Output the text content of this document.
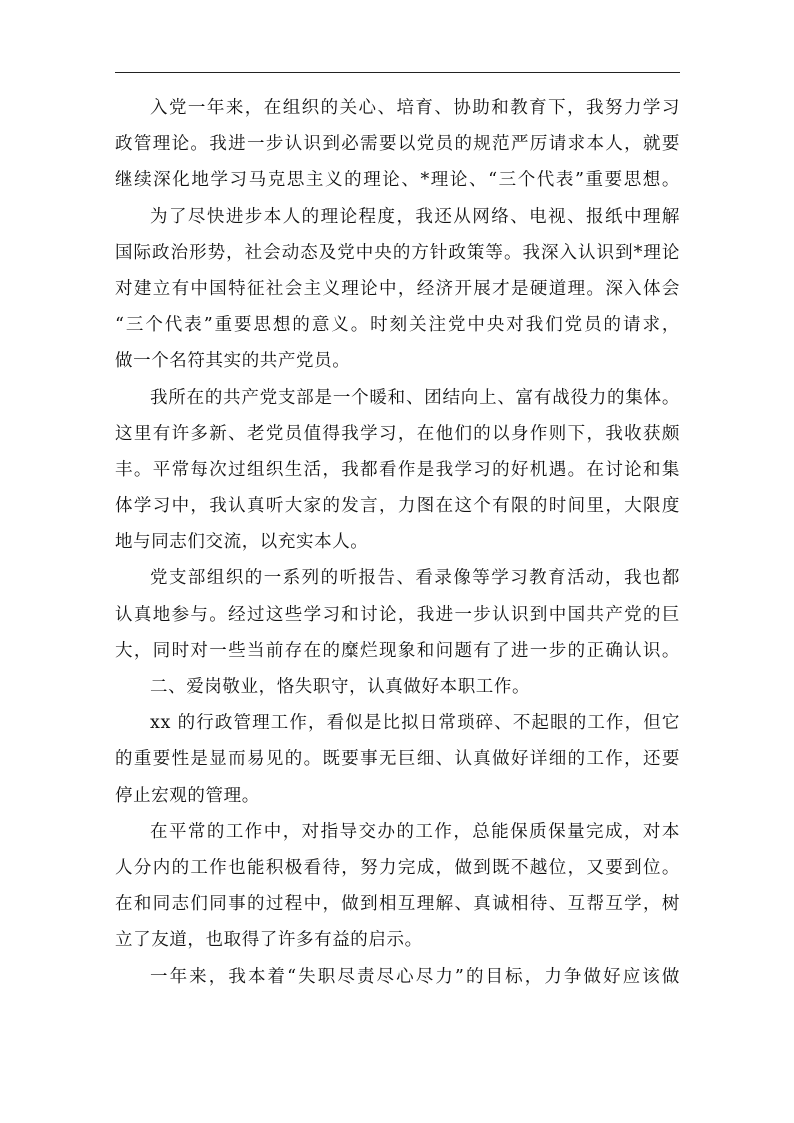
入党一年来，在组织的关心、培育、协助和教育下，我努力学习
政管理论。我进一步认识到必需要以党员的规范严厉请求本人，就要
继续深化地学习马克思主义的理论、*理论、“三个代表”重要思想。

为了尽快进步本人的理论程度，我还从网络、电视、报纸中理解
国际政治形势，社会动态及党中央的方针政策等。我深入认识到*理论
对建立有中国特征社会主义理论中，经济开展才是硬道理。深入体会
“三个代表”重要思想的意义。时刻关注党中央对我们党员的请求，
做一个名符其实的共产党员。

我所在的共产党支部是一个暖和、团结向上、富有战役力的集体。
这里有许多新、老党员值得我学习，在他们的以身作则下，我收获颇
丰。平常每次过组织生活，我都看作是我学习的好机遇。在讨论和集
体学习中，我认真听大家的发言，力图在这个有限的时间里，大限度
地与同志们交流，以充实本人。

党支部组织的一系列的听报告、看录像等学习教育活动，我也都
认真地参与。经过这些学习和讨论，我进一步认识到中国共产党的巨
大，同时对一些当前存在的糜烂现象和问题有了进一步的正确认识。

二、爱岗敬业，恪失职守，认真做好本职工作。

xx 的行政管理工作，看似是比拟日常琐碎、不起眼的工作，但它
的重要性是显而易见的。既要事无巨细、认真做好详细的工作，还要
停止宏观的管理。

在平常的工作中，对指导交办的工作，总能保质保量完成，对本
人分内的工作也能积极看待，努力完成，做到既不越位，又要到位。
在和同志们同事的过程中，做到相互理解、真诚相待、互帮互学，树
立了友道，也取得了许多有益的启示。

一年来，我本着“失职尽责尽心尽力”的目标，力争做好应该做
